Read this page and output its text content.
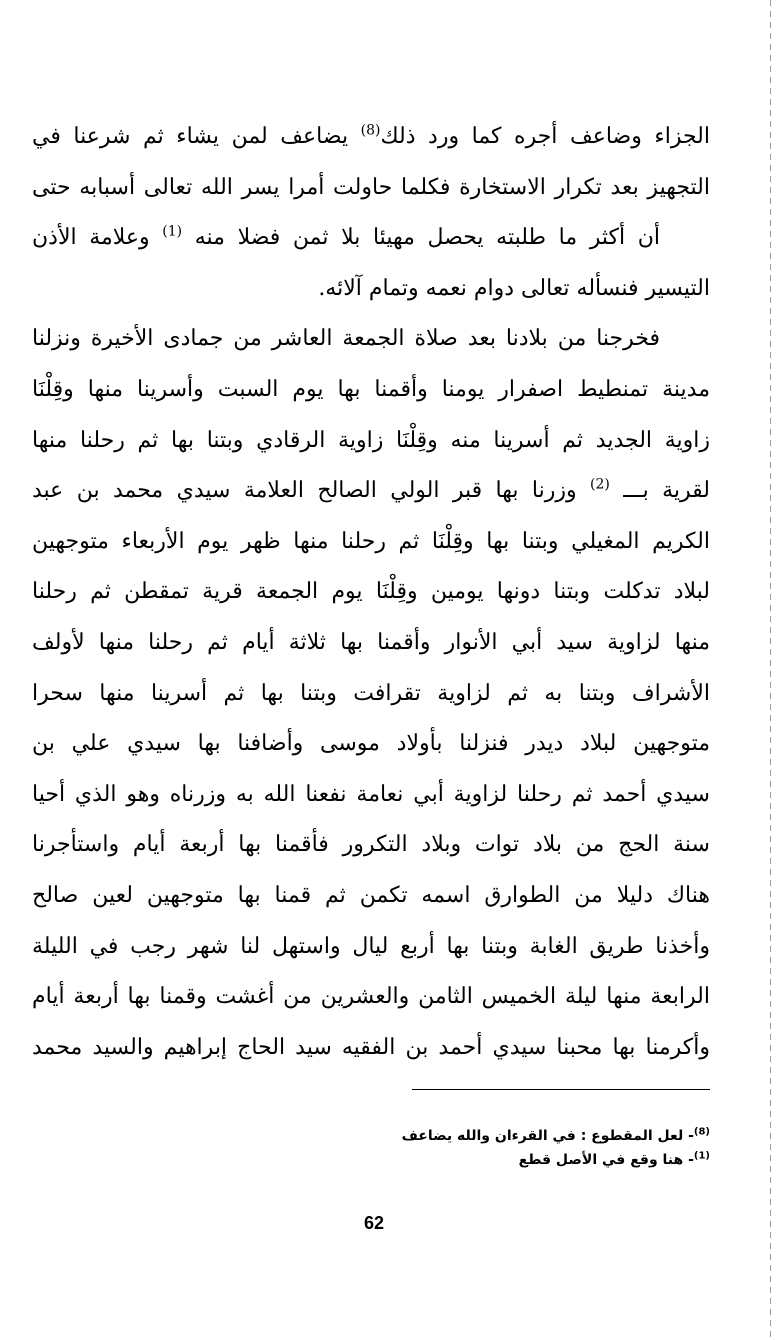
الجزاء وضاعف أجره كما ورد ذلك$^{(8)}$ يضاعف لمن يشاء ثم شرعنا في
التجهيز بعد تكرار الاستخارة فكلما حاولت أمرا يسر الله تعالى أسبابه حتى
أن أكثر ما طلبته يحصل مهيئا بلا ثمن فضلا منه $^{(1)}$ وعلامة الأذن
التيسير فنسأله تعالى دوام نعمه وتمام آلائه.
فخرجنا من بلادنا بعد صلاة الجمعة العاشر من جمادى الأخيرة ونزلنا
مدينة تمنطيط اصفرار يومنا وأقمنا بها يوم السبت وأسرينا منها وقِلْنَا
زاوية الجديد ثم أسرينا منه وقِلْنَا زاوية الرقادي وبتنا بها ثم رحلنا منها
لقرية بـــ $^{(2)}$ وزرنا بها قبر الولي الصالح العلامة سيدي محمد بن عبد
الكريم المغيلي وبتنا بها وقِلْنَا ثم رحلنا منها ظهر يوم الأربعاء متوجهين
لبلاد تدكلت وبتنا دونها يومين وقِلْنَا يوم الجمعة قرية تمقطن ثم رحلنا
منها لزاوية سيد أبي الأنوار وأقمنا بها ثلاثة أيام ثم رحلنا منها لأولف
الأشراف وبتنا به ثم لزاوية تقرافت وبتنا بها ثم أسرينا منها سحرا
متوجهين لبلاد ديدر فنزلنا بأولاد موسى وأضافنا بها سيدي علي بن
سيدي أحمد ثم رحلنا لزاوية أبي نعامة نفعنا الله به وزرناه وهو الذي أحيا
سنة الحج من بلاد توات وبلاد التكرور فأقمنا بها أربعة أيام واستأجرنا
هناك دليلا من الطوارق اسمه تكمن ثم قمنا بها متوجهين لعين صالح
وأخذنا طريق الغابة وبتنا بها أربع ليال واستهل لنا شهر رجب في الليلة
الرابعة منها ليلة الخميس الثامن والعشرين من أغشت وقمنا بها أربعة أيام
وأكرمنا بها محبنا سيدي أحمد بن الفقيه سيد الحاج إبراهيم والسيد محمد
$^{(8)}$- لعل المقطوع : في القرءان والله يضاعف
$^{(1)}$- هنا وقع في الأصل قطع
62
